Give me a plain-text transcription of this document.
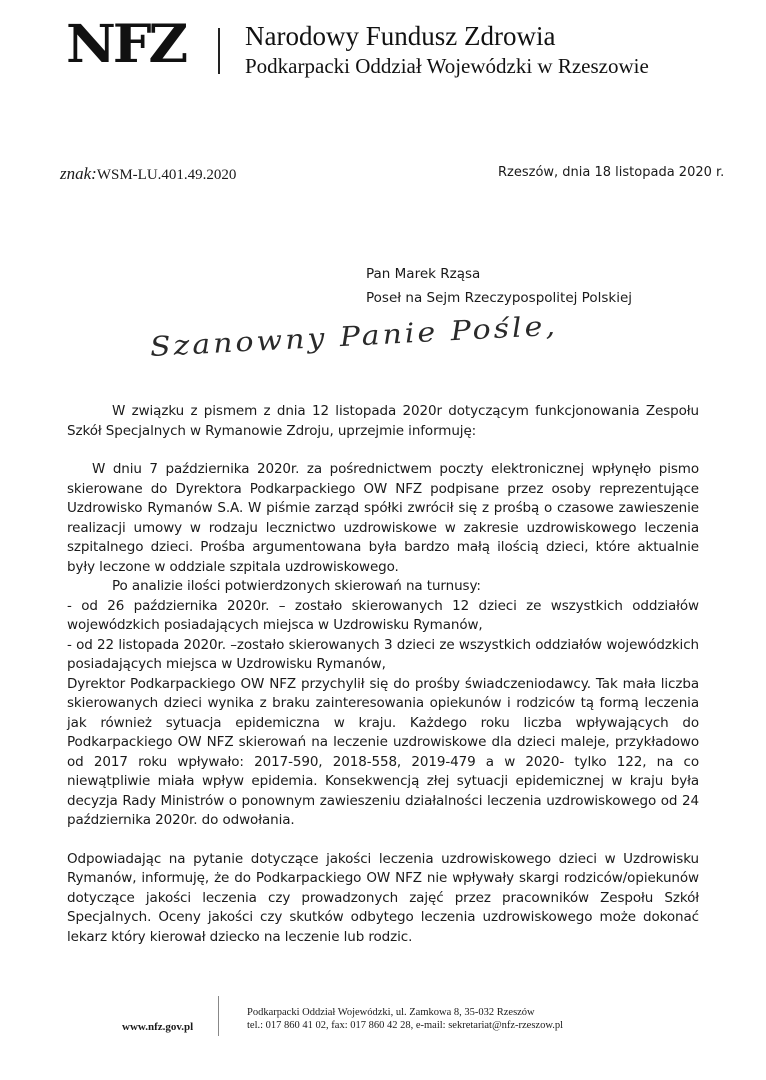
NFZ Narodowy Fundusz Zdrowia
Podkarpacki Oddział Wojewódzki w Rzeszowie
znak:WSM-LU.401.49.2020	Rzeszów, dnia 18 listopada 2020 r.
Pan Marek Rząsa
Poseł na Sejm Rzeczypospolitej Polskiej
Szanowny Panie Pośle,

W związku z pismem z dnia 12 listopada 2020r dotyczącym funkcjonowania Zespołu Szkół Specjalnych w Rymanowie Zdroju, uprzejmie informuję:

W dniu 7 października 2020r. za pośrednictwem poczty elektronicznej wpłynęło pismo skierowane do Dyrektora Podkarpackiego OW NFZ podpisane przez osoby reprezentujące Uzdrowisko Rymanów S.A. W piśmie zarząd spółki zwrócił się z prośbą o czasowe zawieszenie realizacji umowy w rodzaju lecznictwo uzdrowiskowe w zakresie uzdrowiskowego leczenia szpitalnego dzieci. Prośba argumentowana była bardzo małą ilością dzieci, które aktualnie były leczone w oddziale szpitala uzdrowiskowego.

Po analizie ilości potwierdzonych skierowań na turnusy:

- od 26 października 2020r. – zostało skierowanych 12 dzieci ze wszystkich oddziałów wojewódzkich posiadających miejsca w Uzdrowisku Rymanów,

- od 22 listopada 2020r. –zostało skierowanych 3 dzieci ze wszystkich oddziałów wojewódzkich posiadających miejsca w Uzdrowisku Rymanów,

Dyrektor Podkarpackiego OW NFZ przychylił się do prośby świadczeniodawcy. Tak mała liczba skierowanych dzieci wynika z braku zainteresowania opiekunów i rodziców tą formą leczenia jak również sytuacja epidemiczna w kraju. Każdego roku liczba wpływających do Podkarpackiego OW NFZ skierowań na leczenie uzdrowiskowe dla dzieci maleje, przykładowo od 2017 roku wpływało: 2017-590, 2018-558, 2019-479 a w 2020- tylko 122, na co niewątpliwie miała wpływ epidemia. Konsekwencją złej sytuacji epidemicznej w kraju była decyzja Rady Ministrów o ponownym zawieszeniu działalności leczenia uzdrowiskowego od 24 października 2020r. do odwołania.

Odpowiadając na pytanie dotyczące jakości leczenia uzdrowiskowego dzieci w Uzdrowisku Rymanów, informuję, że do Podkarpackiego OW NFZ nie wpływały skargi rodziców/opiekunów dotyczące jakości leczenia czy prowadzonych zajęć przez pracowników Zespołu Szkół Specjalnych. Oceny jakości czy skutków odbytego leczenia uzdrowiskowego może dokonać lekarz który kierował dziecko na leczenie lub rodzic.

www.nfz.gov.pl
Podkarpacki Oddział Wojewódzki, ul. Zamkowa 8, 35-032 Rzeszów
tel.: 017 860 41 02, fax: 017 860 42 28, e-mail: sekretariat@nfz-rzeszow.pl
